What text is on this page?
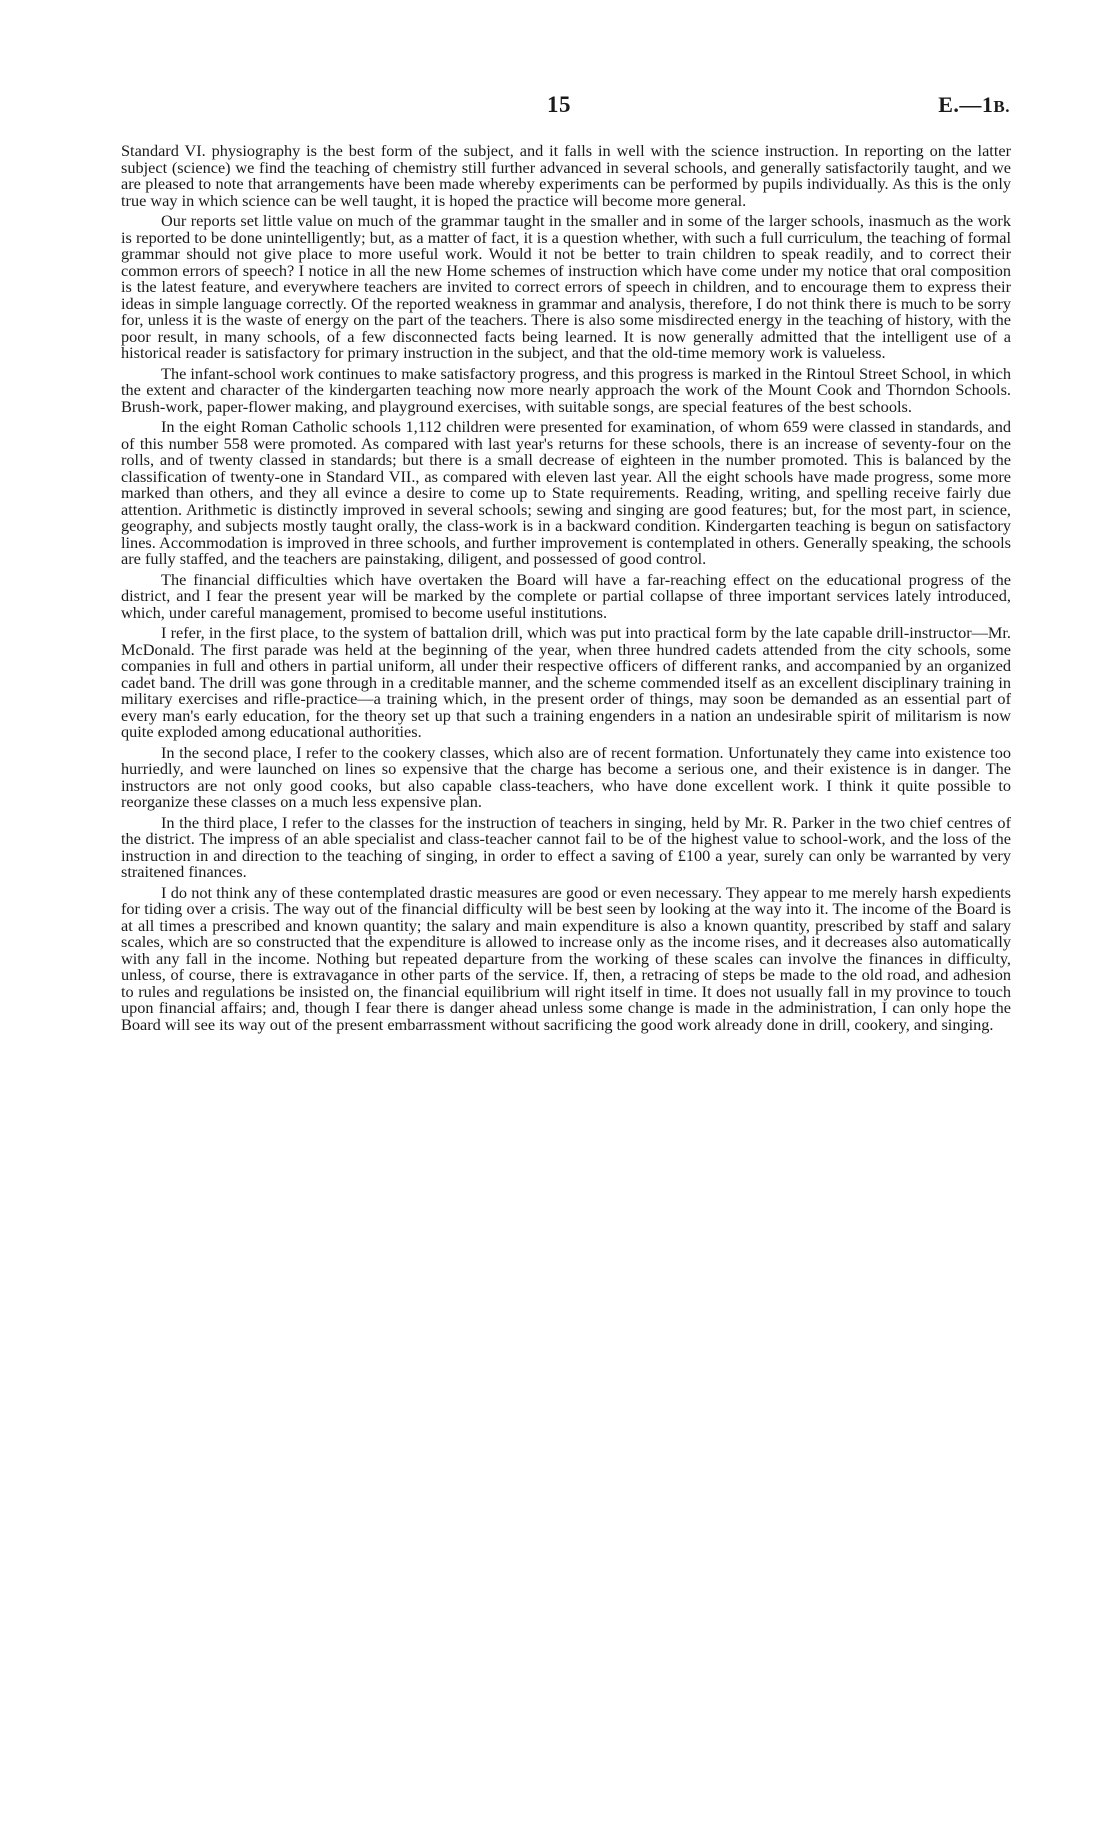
15	E.—1B.

Standard VI. physiography is the best form of the subject, and it falls in well with the science instruction. In reporting on the latter subject (science) we find the teaching of chemistry still further advanced in several schools, and generally satisfactorily taught, and we are pleased to note that arrangements have been made whereby experiments can be performed by pupils individually. As this is the only true way in which science can be well taught, it is hoped the practice will become more general.

Our reports set little value on much of the grammar taught in the smaller and in some of the larger schools, inasmuch as the work is reported to be done unintelligently; but, as a matter of fact, it is a question whether, with such a full curriculum, the teaching of formal grammar should not give place to more useful work. Would it not be better to train children to speak readily, and to correct their common errors of speech? I notice in all the new Home schemes of instruction which have come under my notice that oral composition is the latest feature, and everywhere teachers are invited to correct errors of speech in children, and to encourage them to express their ideas in simple language correctly. Of the reported weakness in grammar and analysis, therefore, I do not think there is much to be sorry for, unless it is the waste of energy on the part of the teachers. There is also some misdirected energy in the teaching of history, with the poor result, in many schools, of a few disconnected facts being learned. It is now generally admitted that the intelligent use of a historical reader is satisfactory for primary instruction in the subject, and that the old-time memory work is valueless.

The infant-school work continues to make satisfactory progress, and this progress is marked in the Rintoul Street School, in which the extent and character of the kindergarten teaching now more nearly approach the work of the Mount Cook and Thorndon Schools. Brush-work, paper-flower making, and playground exercises, with suitable songs, are special features of the best schools.

In the eight Roman Catholic schools 1,112 children were presented for examination, of whom 659 were classed in standards, and of this number 558 were promoted. As compared with last year's returns for these schools, there is an increase of seventy-four on the rolls, and of twenty classed in standards; but there is a small decrease of eighteen in the number promoted. This is balanced by the classification of twenty-one in Standard VII., as compared with eleven last year. All the eight schools have made progress, some more marked than others, and they all evince a desire to come up to State requirements. Reading, writing, and spelling receive fairly due attention. Arithmetic is distinctly improved in several schools; sewing and singing are good features; but, for the most part, in science, geography, and subjects mostly taught orally, the class-work is in a backward condition. Kindergarten teaching is begun on satisfactory lines. Accommodation is improved in three schools, and further improvement is contemplated in others. Generally speaking, the schools are fully staffed, and the teachers are painstaking, diligent, and possessed of good control.

The financial difficulties which have overtaken the Board will have a far-reaching effect on the educational progress of the district, and I fear the present year will be marked by the complete or partial collapse of three important services lately introduced, which, under careful management, promised to become useful institutions.

I refer, in the first place, to the system of battalion drill, which was put into practical form by the late capable drill-instructor—Mr. McDonald. The first parade was held at the beginning of the year, when three hundred cadets attended from the city schools, some companies in full and others in partial uniform, all under their respective officers of different ranks, and accompanied by an organized cadet band. The drill was gone through in a creditable manner, and the scheme commended itself as an excellent disciplinary training in military exercises and rifle-practice—a training which, in the present order of things, may soon be demanded as an essential part of every man's early education, for the theory set up that such a training engenders in a nation an undesirable spirit of militarism is now quite exploded among educational authorities.

In the second place, I refer to the cookery classes, which also are of recent formation. Unfortunately they came into existence too hurriedly, and were launched on lines so expensive that the charge has become a serious one, and their existence is in danger. The instructors are not only good cooks, but also capable class-teachers, who have done excellent work. I think it quite possible to reorganize these classes on a much less expensive plan.

In the third place, I refer to the classes for the instruction of teachers in singing, held by Mr. R. Parker in the two chief centres of the district. The impress of an able specialist and class-teacher cannot fail to be of the highest value to school-work, and the loss of the instruction in and direction to the teaching of singing, in order to effect a saving of £100 a year, surely can only be warranted by very straitened finances.

I do not think any of these contemplated drastic measures are good or even necessary. They appear to me merely harsh expedients for tiding over a crisis. The way out of the financial difficulty will be best seen by looking at the way into it. The income of the Board is at all times a prescribed and known quantity; the salary and main expenditure is also a known quantity, prescribed by staff and salary scales, which are so constructed that the expenditure is allowed to increase only as the income rises, and it decreases also automatically with any fall in the income. Nothing but repeated departure from the working of these scales can involve the finances in difficulty, unless, of course, there is extravagance in other parts of the service. If, then, a retracing of steps be made to the old road, and adhesion to rules and regulations be insisted on, the financial equilibrium will right itself in time. It does not usually fall in my province to touch upon financial affairs; and, though I fear there is danger ahead unless some change is made in the administration, I can only hope the Board will see its way out of the present embarrassment without sacrificing the good work already done in drill, cookery, and singing.
